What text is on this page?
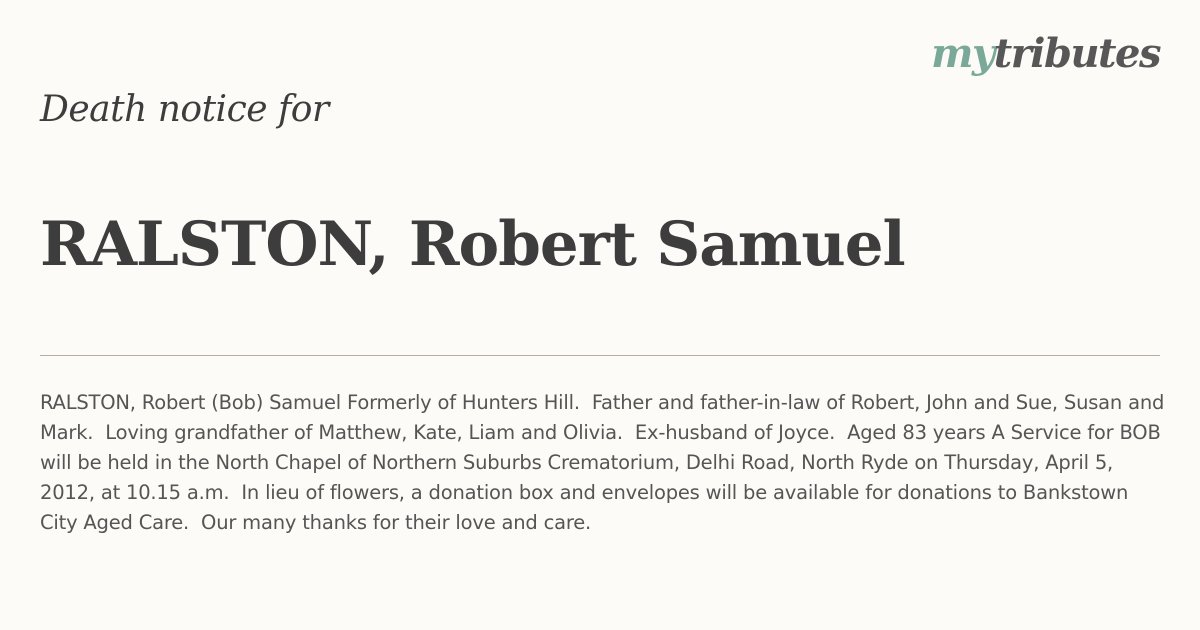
mytributes
Death notice for
RALSTON, Robert Samuel

RALSTON, Robert (Bob) Samuel Formerly of Hunters Hill.  Father and father-in-law of Robert, John and Sue, Susan and Mark.  Loving grandfather of Matthew, Kate, Liam and Olivia.  Ex-husband of Joyce.  Aged 83 years A Service for BOB will be held in the North Chapel of Northern Suburbs Crematorium, Delhi Road, North Ryde on Thursday, April 5, 2012, at 10.15 a.m.  In lieu of flowers, a donation box and envelopes will be available for donations to Bankstown City Aged Care.  Our many thanks for their love and care.
